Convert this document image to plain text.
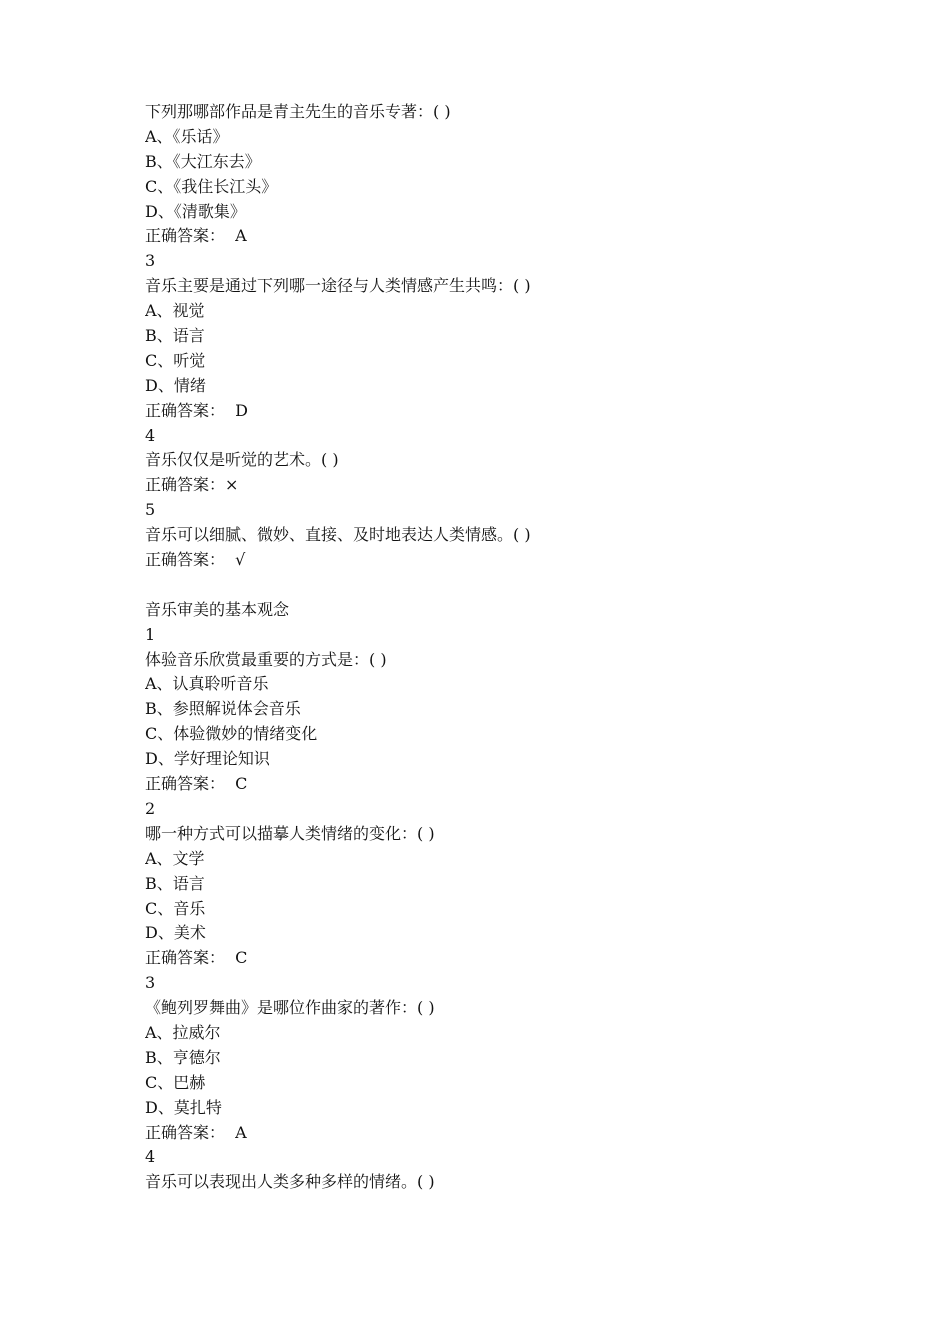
下列那哪部作品是青主先生的音乐专著：( )
A、《乐话》
B、《大江东去》
C、《我住长江头》
D、《清歌集》
正确答案：  A
3
音乐主要是通过下列哪一途径与人类情感产生共鸣：( )
A、视觉
B、语言
C、听觉
D、情绪
正确答案：  D
4
音乐仅仅是听觉的艺术。( )
正确答案：×
5
音乐可以细腻、微妙、直接、及时地表达人类情感。( )
正确答案：  √
音乐审美的基本观念
1
体验音乐欣赏最重要的方式是：( )
A、认真聆听音乐
B、参照解说体会音乐
C、体验微妙的情绪变化
D、学好理论知识
正确答案：  C
2
哪一种方式可以描摹人类情绪的变化：( )
A、文学
B、语言
C、音乐
D、美术
正确答案：  C
3
《鲍列罗舞曲》是哪位作曲家的著作：( )
A、拉威尔
B、亨德尔
C、巴赫
D、莫扎特
正确答案：  A
4
音乐可以表现出人类多种多样的情绪。( )
